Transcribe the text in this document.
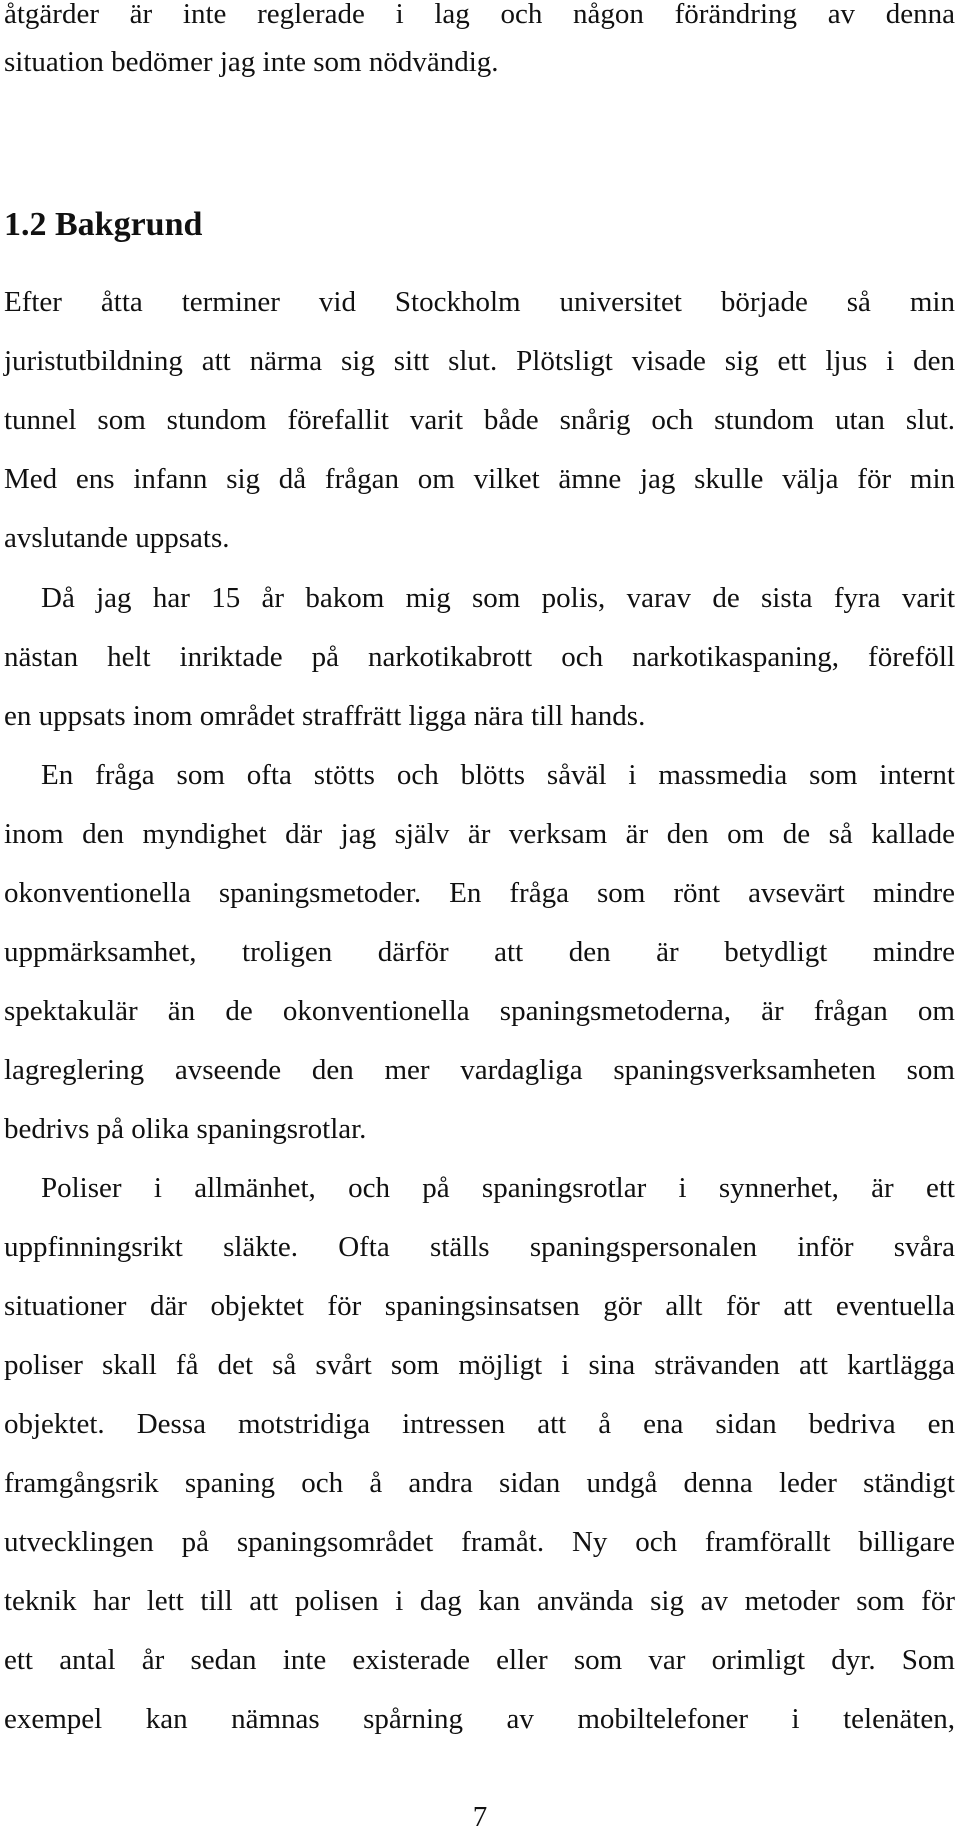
åtgärder är inte reglerade i lag och någon förändring av denna
situation bedömer jag inte som nödvändig.
1.2 Bakgrund
Efter åtta terminer vid Stockholm universitet började så min
juristutbildning att närma sig sitt slut. Plötsligt visade sig ett ljus i den
tunnel som stundom förefallit varit både snårig och stundom utan slut.
Med ens infann sig då frågan om vilket ämne jag skulle välja för min
avslutande uppsats.
Då jag har 15 år bakom mig som polis, varav de sista fyra varit
nästan helt inriktade på narkotikabrott och narkotikaspaning, föreföll
en uppsats inom området straffrätt ligga nära till hands.
En fråga som ofta stötts och blötts såväl i massmedia som internt
inom den myndighet där jag själv är verksam är den om de så kallade
okonventionella spaningsmetoder. En fråga som rönt avsevärt mindre
uppmärksamhet, troligen därför att den är betydligt mindre
spektakulär än de okonventionella spaningsmetoderna, är frågan om
lagreglering avseende den mer vardagliga spaningsverksamheten som
bedrivs på olika spaningsrotlar.
Poliser i allmänhet, och på spaningsrotlar i synnerhet, är ett
uppfinningsrikt släkte. Ofta ställs spaningspersonalen inför svåra
situationer där objektet för spaningsinsatsen gör allt för att eventuella
poliser skall få det så svårt som möjligt i sina strävanden att kartlägga
objektet. Dessa motstridiga intressen att å ena sidan bedriva en
framgångsrik spaning och å andra sidan undgå denna leder ständigt
utvecklingen på spaningsområdet framåt. Ny och framförallt billigare
teknik har lett till att polisen i dag kan använda sig av metoder som för
ett antal år sedan inte existerade eller som var orimligt dyr. Som
exempel kan nämnas spårning av mobiltelefoner i telenäten,
7
